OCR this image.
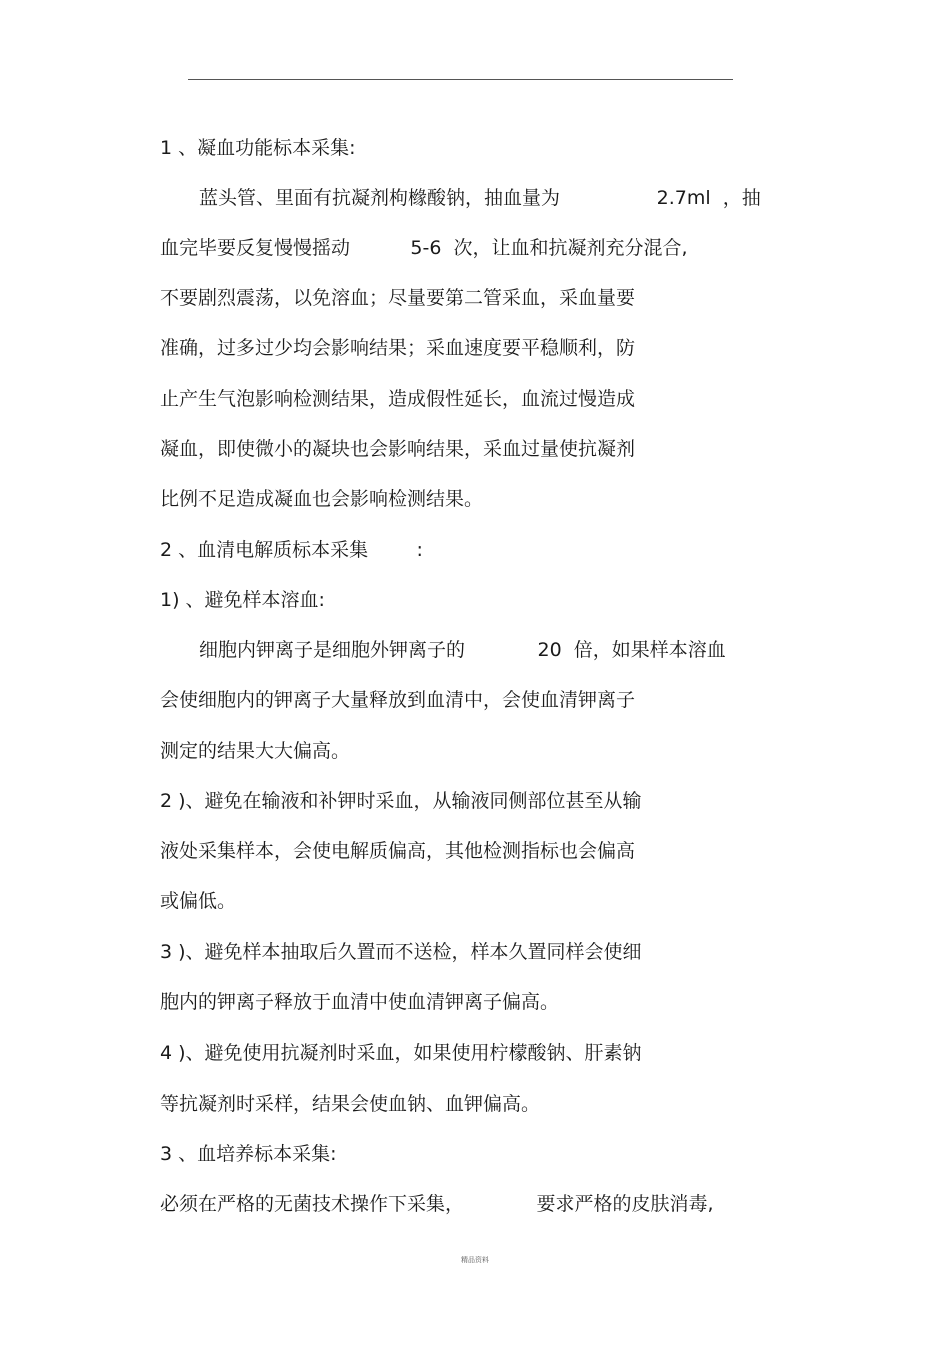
1 、凝血功能标本采集:
蓝头管、里面有抗凝剂枸橼酸钠，抽血量为                2.7ml  ，抽
血完毕要反复慢慢摇动          5-6  次，让血和抗凝剂充分混合,
不要剧烈震荡，以免溶血；尽量要第二管采血，采血量要
准确，过多过少均会影响结果；采血速度要平稳顺利，防
止产生气泡影响检测结果，造成假性延长，血流过慢造成
凝血，即使微小的凝块也会影响结果，采血过量使抗凝剂
比例不足造成凝血也会影响检测结果。
2 、血清电解质标本采集        :
1) 、避免样本溶血:
细胞内钾离子是细胞外钾离子的            20  倍，如果样本溶血
会使细胞内的钾离子大量释放到血清中，会使血清钾离子
测定的结果大大偏高。
2 )、避免在输液和补钾时采血，从输液同侧部位甚至从输
液处采集样本，会使电解质偏高，其他检测指标也会偏高
或偏低。
3 )、避免样本抽取后久置而不送检，样本久置同样会使细
胞内的钾离子释放于血清中使血清钾离子偏高。
4 )、避免使用抗凝剂时采血，如果使用柠檬酸钠、肝素钠
等抗凝剂时采样，结果会使血钠、血钾偏高。
3 、血培养标本采集:
必须在严格的无菌技术操作下采集，            要求严格的皮肤消毒,
精品资料
